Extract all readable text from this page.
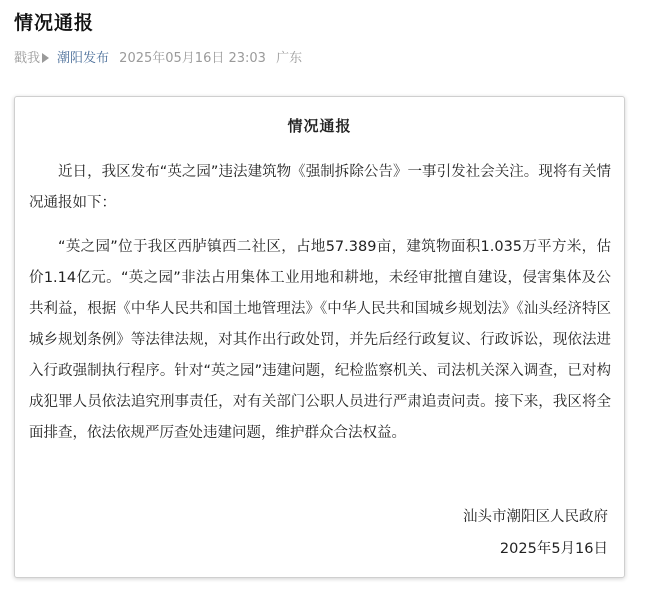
情况通报
戳我 潮阳发布 2025年05月16日 23:03 广东
情况通报

近日，我区发布“英之园”违法建筑物《强制拆除公告》一事引发社会关注。现将有关情况通报如下：

“英之园”位于我区西胪镇西二社区，占地57.389亩，建筑物面积1.035万平方米，估价1.14亿元。“英之园”非法占用集体工业用地和耕地，未经审批擅自建设，侵害集体及公共利益，根据《中华人民共和国土地管理法》《中华人民共和国城乡规划法》《汕头经济特区城乡规划条例》等法律法规，对其作出行政处罚，并先后经行政复议、行政诉讼，现依法进入行政强制执行程序。针对“英之园”违建问题，纪检监察机关、司法机关深入调查，已对构成犯罪人员依法追究刑事责任，对有关部门公职人员进行严肃追责问责。接下来，我区将全面排查，依法依规严厉查处违建问题，维护群众合法权益。

汕头市潮阳区人民政府
2025年5月16日
